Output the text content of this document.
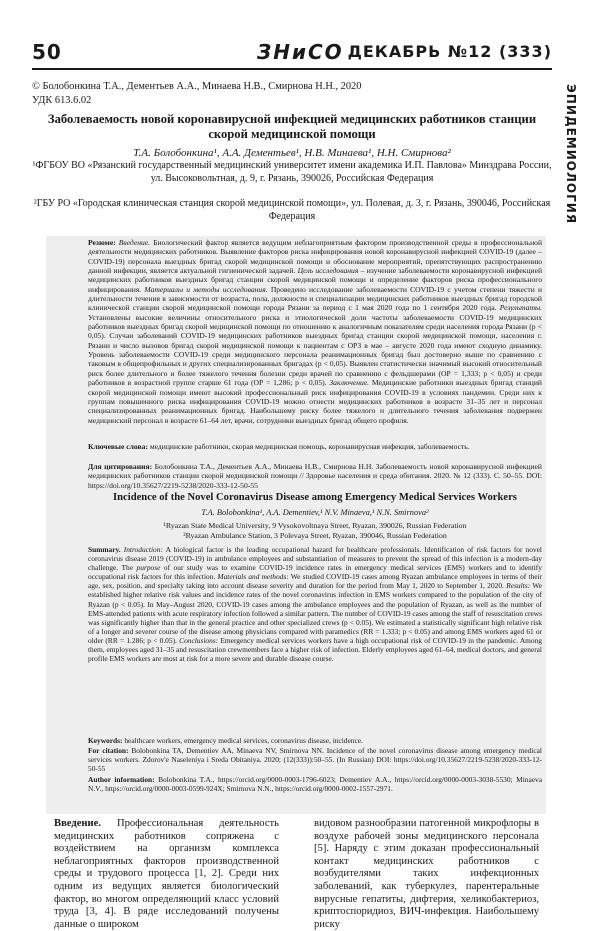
50	ЗНиСО ДЕКАБРЬ №12 (333)
ЭПИДЕМИОЛОГИЯ
© Болобонкина Т.А., Дементьев А.А., Минаева Н.В., Смирнова Н.Н., 2020
УДК 613.6.02
Заболеваемость новой коронавирусной инфекцией медицинских работников станции скорой медицинской помощи
Т.А. Болобонкина¹, А.А. Дементьев¹, Н.В. Минаева¹, Н.Н. Смирнова²
¹ФГБОУ ВО «Рязанский государственный медицинский университет имени академика И.П. Павлова» Минздрава России, ул. Высоковольтная, д. 9, г. Рязань, 390026, Российская Федерация
²ГБУ РО «Городская клиническая станция скорой медицинской помощи», ул. Полевая, д. 3, г. Рязань, 390046, Российская Федерация
Резюме: Введение. Биологический фактор является ведущим неблагоприятным фактором производственной среды в профессиональной деятельности медицинских работников. Выявление факторов риска инфицирования новой коронавирусной инфекцией COVID-19 (далее – COVID-19) персонала выездных бригад скорой медицинской помощи и обоснование мероприятий, препятствующих распространению данной инфекции, является актуальной гигиенической задачей. Цель исследования – изучение заболеваемости коронавирусной инфекцией медицинских работников выездных бригад станции скорой медицинской помощи и определение факторов риска профессионального инфицирования. Материалы и методы исследования. Проведено исследование заболеваемости COVID-19 с учетом степени тяжести и длительности течения в зависимости от возраста, пола, должности и специализации медицинских работников выездных бригад городской клинической станции скорой медицинской помощи города Рязани за период с 1 мая 2020 года по 1 сентября 2020 года. Результаты. Установлены высокие величины относительного риска и этиологической доли частоты заболеваемости COVID-19 медицинских работников выездных бригад скорой медицинской помощи по отношению к аналогичным показателям среди населения города Рязани (p < 0,05). Случаи заболеваний COVID-19 медицинских работников выездных бригад станции скорой медицинской помощи, населения г. Рязани и число вызовов бригад скорой медицинской помощи к пациентам с ОРЗ в мае – августе 2020 года имеют сходную динамику. Уровень заболеваемости COVID-19 среди медицинского персонала реанимационных бригад был достоверно выше по сравнению с таковым в общепрофильных и других специализированных бригадах (p < 0,05). Выявлен статистически значимый высокий относительный риск более длительного и более тяжелого течения болезни среди врачей по сравнению с фельдшерами (ОР = 1,333; p < 0,05) и среди работников в возрастной группе старше 61 года (ОР = 1,286; p < 0,05). Заключение. Медицинские работники выездных бригад станций скорой медицинской помощи имеют высокий профессиональный риск инфицирования COVID-19 в условиях пандемии. Среди них к группам повышенного риска инфицирования COVID-19 можно отнести медицинских работников в возрасте 31–35 лет и персонал специализированных реанимационных бригад. Наибольшему риску более тяжелого и длительного течения заболевания подвержен медицинский персонал в возрасте 61–64 лет, врачи, сотрудники выездных бригад общего профиля.
Ключевые слова: медицинские работники, скорая медицинская помощь, коронавирусная инфекция, заболеваемость.
Для цитирования: Болобонкина Т.А., Дементьев А.А., Минаева Н.В., Смирнова Н.Н. Заболеваемость новой коронавирусной инфекцией медицинских работников станции скорой медицинской помощи // Здоровье населения и среда обитания. 2020. № 12 (333). С. 50–55. DOI: https://doi.org/10.35627/2219-5238/2020-333-12-50-55
Incidence of the Novel Coronavirus Disease among Emergency Medical Services Workers
T.A. Bolobonkina¹, A.A. Dementiev,¹ N.V. Minaeva,¹ N.N. Smirnova²
¹Ryazan State Medical University, 9 Vysokovoltnaya Street, Ryazan, 390026, Russian Federation
²Ryazan Ambulance Station, 3 Polevaya Street, Ryazan, 390046, Russian Federation
Summary. Introduction: A biological factor is the leading occupational hazard for healthcare professionals. Identification of risk factors for novel coronavirus disease 2019 (COVID-19) in ambulance employees and substantiation of measures to prevent the spread of this infection is a modern-day challenge. The purpose of our study was to examine COVID-19 incidence rates in emergency medical services (EMS) workers and to identify occupational risk factors for this infection. Materials and methods: We studied COVID-19 cases among Ryazan ambulance employees in terms of their age, sex, position, and specialty taking into account disease severity and duration for the period from May 1, 2020 to September 1, 2020. Results: We established higher relative risk values and incidence rates of the novel coronavirus infection in EMS workers compared to the population of the city of Ryazan (p < 0.05). In May–August 2020, COVID-19 cases among the ambulance employees and the population of Ryazan, as well as the number of EMS-attended patients with acute respiratory infection followed a similar pattern. The number of COVID-19 cases among the staff of resuscitation crews was significantly higher than that in the general practice and other specialized crews (p < 0.05). We estimated a statistically significant high relative risk of a longer and severer course of the disease among physicians compared with paramedics (RR = 1.333; p < 0.05) and among EMS workers aged 61 or older (RR = 1.286; p < 0.05). Conclusions: Emergency medical services workers have a high occupational risk of COVID-19 in the pandemic. Among them, employees aged 31–35 and resuscitation crewmembers face a higher risk of infection. Elderly employees aged 61–64, medical doctors, and general profile EMS workers are most at risk for a more severe and durable disease course.
Keywords: healthcare workers, emergency medical services, coronavirus disease, incidence.
For citation: Bolobonkina TA, Dementiev AA, Minaeva NV, Smirnova NN. Incidence of the novel coronavirus disease among emergency medical services workers. Zdorov'e Naseleniya i Sreda Obitaniya. 2020; (12(333)):50–55. (In Russian) DOI: https://doi.org/10.35627/2219-5238/2020-333-12-50-55
Author information: Bolobonkina T.A., https://orcid.org/0000-0003-1796-6023; Dementiev A.A., https://orcid.org/0000-0003-3038-5530; Minaeva N.V., https://orcid.org/0000-0003-0599-924X; Smirnova N.N., https://orcid.org/0000-0002-1557-2971.
Введение. Профессиональная деятельность медицинских работников сопряжена с воздействием на организм комплекса неблагоприятных факторов производственной среды и трудового процесса [1, 2]. Среди них одним из ведущих является биологический фактор, во многом определяющий класс условий труда [3, 4]. В ряде исследований получены данные о широком
видовом разнообразии патогенной микрофлоры в воздухе рабочей зоны медицинского персонала [5]. Наряду с этим доказан профессиональный контакт медицинских работников с возбудителями таких инфекционных заболеваний, как туберкулез, парентеральные вирусные гепатиты, дифтерия, хеликобактериоз, криптоспоридиоз, ВИЧ-инфекция. Наибольшему риску
